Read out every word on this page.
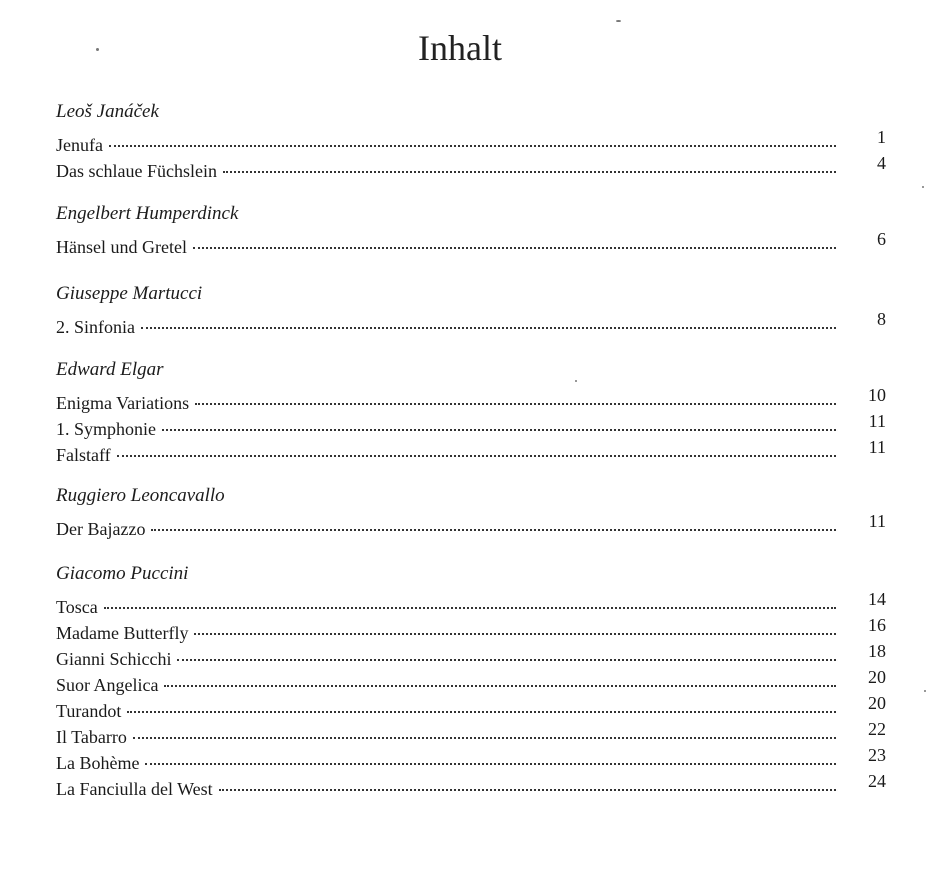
Inhalt
Leoš Janáček
Jenufa	1
Das schlaue Füchslein	4
Engelbert Humperdinck
Hänsel und Gretel	6
Giuseppe Martucci
2. Sinfonia	8
Edward Elgar
Enigma Variations	10
1. Symphonie	11
Falstaff	11
Ruggiero Leoncavallo
Der Bajazzo	11
Giacomo Puccini
Tosca	14
Madame Butterfly	16
Gianni Schicchi	18
Suor Angelica	20
Turandot	20
Il Tabarro	22
La Bohème	23
La Fanciulla del West	24
